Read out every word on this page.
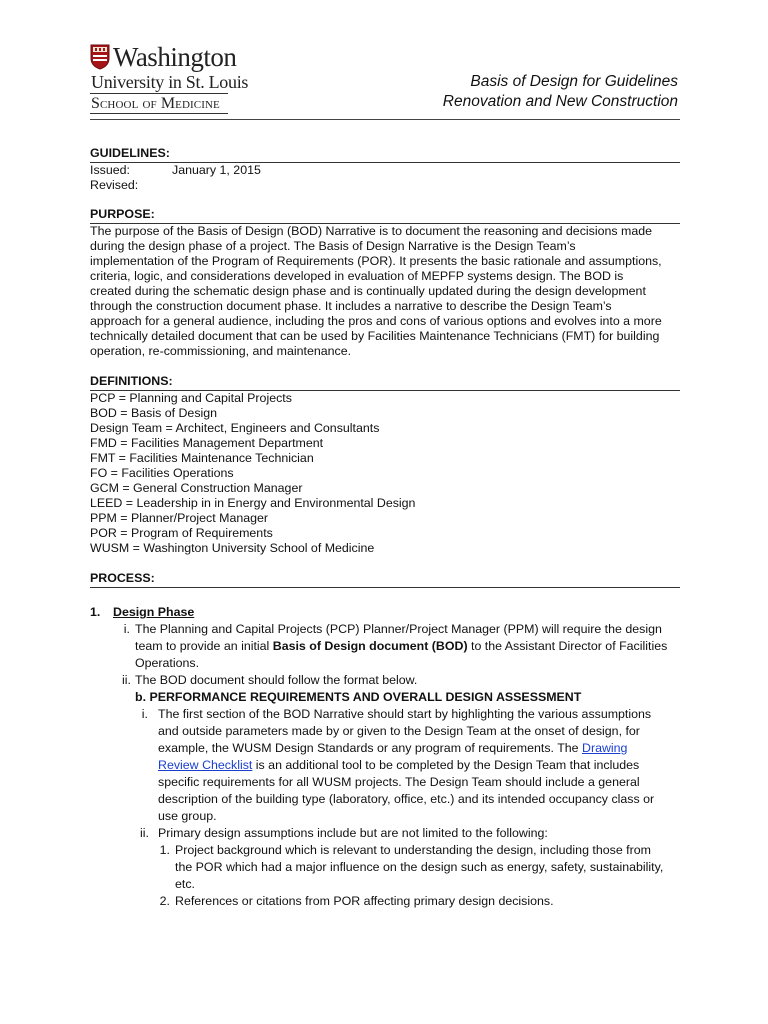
Washington
University in St. Louis
School of Medicine
Basis of Design for Guidelines
Renovation and New Construction
GUIDELINES:
Issued:	January 1, 2015
Revised:
PURPOSE:
The purpose of the Basis of Design (BOD) Narrative is to document the reasoning and decisions made
during the design phase of a project. The Basis of Design Narrative is the Design Team’s
implementation of the Program of Requirements (POR). It presents the basic rationale and assumptions,
criteria, logic, and considerations developed in evaluation of MEPFP systems design. The BOD is
created during the schematic design phase and is continually updated during the design development
through the construction document phase. It includes a narrative to describe the Design Team’s
approach for a general audience, including the pros and cons of various options and evolves into a more
technically detailed document that can be used by Facilities Maintenance Technicians (FMT) for building
operation, re-commissioning, and maintenance.
DEFINITIONS:
PCP = Planning and Capital Projects
BOD = Basis of Design
Design Team = Architect, Engineers and Consultants
FMD = Facilities Management Department
FMT = Facilities Maintenance Technician
FO = Facilities Operations
GCM = General Construction Manager
LEED = Leadership in in Energy and Environmental Design
PPM = Planner/Project Manager
POR = Program of Requirements
WUSM = Washington University School of Medicine
PROCESS:
1. Design Phase
i. The Planning and Capital Projects (PCP) Planner/Project Manager (PPM) will require the design
team to provide an initial Basis of Design document (BOD) to the Assistant Director of Facilities
Operations.
ii. The BOD document should follow the format below.
b. PERFORMANCE REQUIREMENTS AND OVERALL DESIGN ASSESSMENT
i. The first section of the BOD Narrative should start by highlighting the various assumptions
and outside parameters made by or given to the Design Team at the onset of design, for
example, the WUSM Design Standards or any program of requirements. The Drawing
Review Checklist is an additional tool to be completed by the Design Team that includes
specific requirements for all WUSM projects. The Design Team should include a general
description of the building type (laboratory, office, etc.) and its intended occupancy class or
use group.
ii. Primary design assumptions include but are not limited to the following:
1. Project background which is relevant to understanding the design, including those from
the POR which had a major influence on the design such as energy, safety, sustainability,
etc.
2. References or citations from POR affecting primary design decisions.
